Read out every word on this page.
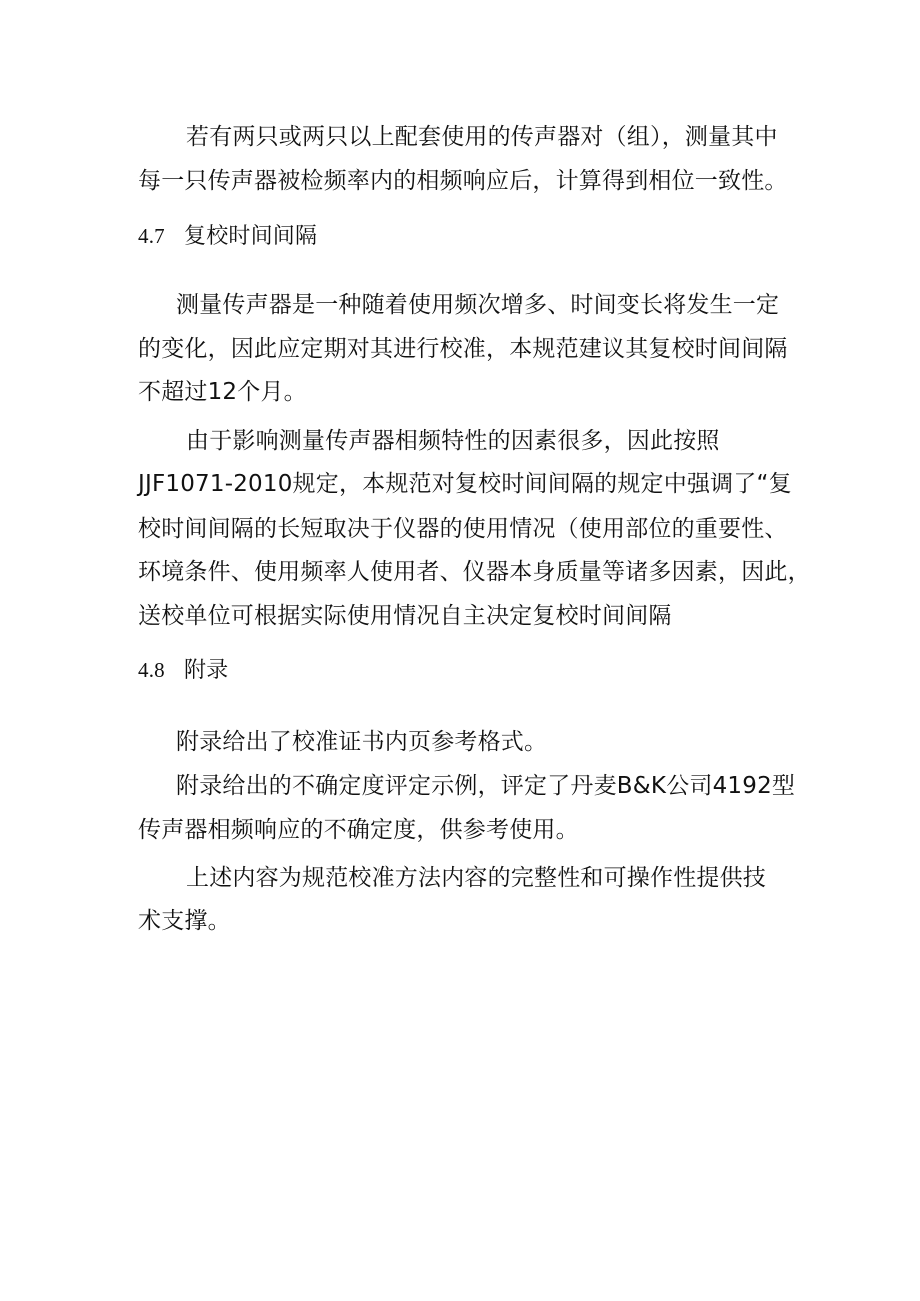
若有两只或两只以上配套使用的传声器对（组），测量其中
每一只传声器被检频率内的相频响应后，计算得到相位一致性。
4.7 复校时间间隔
测量传声器是一种随着使用频次增多、时间变长将发生一定
的变化，因此应定期对其进行校准，本规范建议其复校时间间隔
不超过12个月。
由于影响测量传声器相频特性的因素很多，因此按照
JJF1071-2010规定，本规范对复校时间间隔的规定中强调了“复
校时间间隔的长短取决于仪器的使用情况（使用部位的重要性、
环境条件、使用频率人使用者、仪器本身质量等诸多因素，因此，
送校单位可根据实际使用情况自主决定复校时间间隔
4.8 附录
附录给出了校准证书内页参考格式。
附录给出的不确定度评定示例，评定了丹麦B&K公司4192型
传声器相频响应的不确定度，供参考使用。
上述内容为规范校准方法内容的完整性和可操作性提供技
术支撑。
